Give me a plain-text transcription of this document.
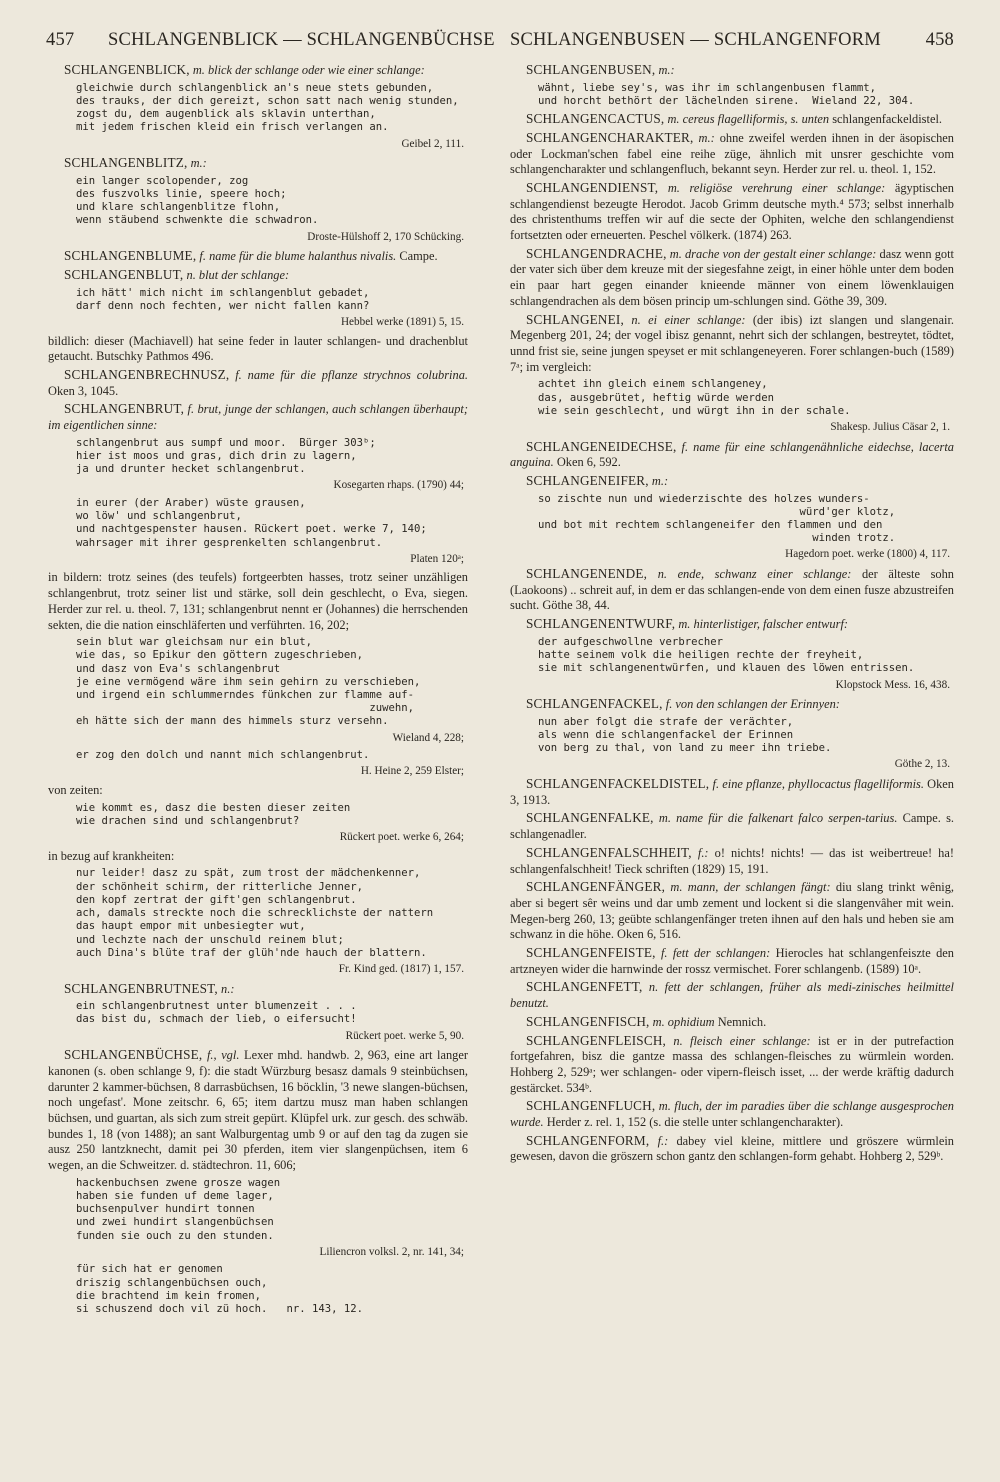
457 SCHLANGENBLICK — SCHLANGENBÜCHSE SCHLANGENBUSEN — SCHLANGENFORM 458
SCHLANGENBLICK, m. blick der schlange oder wie einer schlange:
gleichwie durch schlangenblick an's neue stets gebunden,
des trauks, der dich gereizt, schon satt nach wenig stunden,
zogst du, dem augenblick als sklavin unterthan,
mit jedem frischen kleid ein frisch verlangen an.
Geibel 2, 111.
SCHLANGENBLITZ, m.:
ein langer scolopender, zog
des fuszvolks linie, speere hoch;
und klare schlangenblitze flohn,
wenn stäubend schwenkte die schwadron.
Droste-Hülshoff 2, 170 Schücking.
SCHLANGENBLUME, f. name für die blume halanthus nivalis. Campe.
SCHLANGENBLUT, n. blut der schlange:
ich hätt' mich nicht im schlangenblut gebadet,
darf denn noch fechten, wer nicht fallen kann?
Hebbel werke (1891) 5, 15.
bildlich: dieser (Machiavell) hat seine feder in lauter schlangen- und drachenblut getaucht. Butschky Pathmos 496.
SCHLANGENBRECHNUSZ, f. name für die pflanze strychnos colubrina. Oken 3, 1045.
SCHLANGENBRUT, f. brut, junge der schlangen, auch schlangen überhaupt; im eigentlichen sinne:
schlangenbrut aus sumpf und moor.  Bürger 303ᵇ;
hier ist moos und gras, dich drin zu lagern,
ja und drunter hecket schlangenbrut.
Kosegarten rhaps. (1790) 44;
in eurer (der Araber) wüste grausen,
wo löw' und schlangenbrut,
und nachtgespenster hausen. Rückert poet. werke 7, 140;
wahrsager mit ihrer gesprenkelten schlangenbrut.
Platen 120ᵃ;
in bildern: trotz seines (des teufels) fortgeerbten hasses, trotz seiner unzähligen schlangenbrut, trotz seiner list und stärke, soll dein geschlecht, o Eva, siegen. Herder zur rel. u. theol. 7, 131; schlangenbrut nennt er (Johannes) die herrschenden sekten, die die nation einschläferten und verführten. 16, 202;
sein blut war gleichsam nur ein blut,
wie das, so Epikur den göttern zugeschrieben,
und dasz von Eva's schlangenbrut
je eine vermögend wäre ihm sein gehirn zu verschieben,
und irgend ein schlummerndes fünkchen zur flamme auf-
zuwehn,
eh hätte sich der mann des himmels sturz versehn.
Wieland 4, 228;
er zog den dolch und nannt mich schlangenbrut.
H. Heine 2, 259 Elster;
von zeiten:
wie kommt es, dasz die besten dieser zeiten
wie drachen sind und schlangenbrut?
Rückert poet. werke 6, 264;
in bezug auf krankheiten:
nur leider! dasz zu spät, zum trost der mädchenkenner,
der schönheit schirm, der ritterliche Jenner,
den kopf zertrat der gift'gen schlangenbrut.
ach, damals streckte noch die schrecklichste der nattern
das haupt empor mit unbesiegter wut,
und lechzte nach der unschuld reinem blut;
auch Dina's blüte traf der glüh'nde hauch der blattern.
Fr. Kind ged. (1817) 1, 157.
SCHLANGENBRUTNEST, n.:
ein schlangenbrutnest unter blumenzeit . . .
das bist du, schmach der lieb, o eifersucht!
Rückert poet. werke 5, 90.
SCHLANGENBÜCHSE, f., vgl. Lexer mhd. handwb. 2, 963, eine art langer kanonen (s. oben schlange 9, f): die stadt Würzburg besasz damals 9 steinbüchsen, darunter 2 kammer-büchsen, 8 darrasbüchsen, 16 böcklin, '3 newe slangen-büchsen, noch ungefast'. Mone zeitschr. 6, 65; item dartzu musz man haben schlangen büchsen, und guartan, als sich zum streit gepürt. Klüpfel urk. zur gesch. des schwäb. bundes 1, 18 (von 1488); an sant Walburgentag umb 9 or auf den tag da zugen sie ausz 250 lantzknecht, damit pei 30 pferden, item vier slangenpüchsen, item 6 wegen, an die Schweitzer. d. städtechron. 11, 606;
hackenbuchsen zwene grosze wagen
haben sie funden uf deme lager,
buchsenpulver hundirt tonnen
und zwei hundirt slangenbüchsen
funden sie ouch zu den stunden.
Liliencron volksl. 2, nr. 141, 34;
für sich hat er genomen
driszig schlangenbüchsen ouch,
die brachtend im kein fromen,
si schuszend doch vil zü hoch.   nr. 143, 12.
SCHLANGENBUSEN, m.:
wähnt, liebe sey's, was ihr im schlangenbusen flammt,
und horcht bethört der lächelnden sirene.  Wieland 22, 304.
SCHLANGENCACTUS, m. cereus flagelliformis, s. unten schlangenfackeldistel.
SCHLANGENCHARAKTER, m.: ohne zweifel werden ihnen in der äsopischen oder Lockman'schen fabel eine reihe züge, ähnlich mit unsrer geschichte vom schlangencharakter und schlangenfluch, bekannt seyn. Herder zur rel. u. theol. 1, 152.
SCHLANGENDIENST, m. religiöse verehrung einer schlange: ägyptischen schlangendienst bezeugte Herodot. Jacob Grimm deutsche myth.⁴ 573; selbst innerhalb des christenthums treffen wir auf die secte der Ophiten, welche den schlangendienst fortsetzten oder erneuerten. Peschel völkerk. (1874) 263.
SCHLANGENDRACHE, m. drache von der gestalt einer schlange: dasz wenn gott der vater sich über dem kreuze mit der siegesfahne zeigt, in einer höhle unter dem boden ein paar hart gegen einander knieende männer von einem löwenklauigen schlangendrachen als dem bösen princip um-schlungen sind. Göthe 39, 309.
SCHLANGENEI, n. ei einer schlange: (der ibis) izt slangen und slangenair. Megenberg 201, 24; der vogel ibisz genannt, nehrt sich der schlangen, bestreytet, tödtet, unnd frist sie, seine jungen speyset er mit schlangeneyeren. Forer schlangen-buch (1589) 7ᵃ; im vergleich:
achtet ihn gleich einem schlangeney,
das, ausgebrütet, heftig würde werden
wie sein geschlecht, und würgt ihn in der schale.
Shakesp. Julius Cäsar 2, 1.
SCHLANGENEIDECHSE, f. name für eine schlangenähnliche eidechse, lacerta anguina. Oken 6, 592.
SCHLANGENEIFER, m.:
so zischte nun und wiederzischte des holzes wunders-
würd'ger klotz,
und bot mit rechtem schlangeneifer den flammen und den
winden trotz.
Hagedorn poet. werke (1800) 4, 117.
SCHLANGENENDE, n. ende, schwanz einer schlange: der älteste sohn (Laokoons) .. schreit auf, in dem er das schlangen-ende von dem einen fusze abzustreifen sucht. Göthe 38, 44.
SCHLANGENENTWURF, m. hinterlistiger, falscher entwurf:
der aufgeschwollne verbrecher
hatte seinem volk die heiligen rechte der freyheit,
sie mit schlangenentwürfen, und klauen des löwen entrissen.
Klopstock Mess. 16, 438.
SCHLANGENFACKEL, f. von den schlangen der Erinnyen:
nun aber folgt die strafe der verächter,
als wenn die schlangenfackel der Erinnen
von berg zu thal, von land zu meer ihn triebe.
Göthe 2, 13.
SCHLANGENFACKELDISTEL, f. eine pflanze, phyllocactus flagelliformis. Oken 3, 1913.
SCHLANGENFALKE, m. name für die falkenart falco serpen-tarius. Campe. s. schlangenadler.
SCHLANGENFALSCHHEIT, f.: o! nichts! nichts! — das ist weibertreue! ha! schlangenfalschheit! Tieck schriften (1829) 15, 191.
SCHLANGENFÄNGER, m. mann, der schlangen fängt: diu slang trinkt wênig, aber si begert sêr weins und dar umb zement und lockent si die slangenvâher mit wein. Megen-berg 260, 13; geübte schlangenfänger treten ihnen auf den hals und heben sie am schwanz in die höhe. Oken 6, 516.
SCHLANGENFEISTE, f. fett der schlangen: Hierocles hat schlangenfeiszte den artzneyen wider die harnwinde der rossz vermischet. Forer schlangenb. (1589) 10ᵃ.
SCHLANGENFETT, n. fett der schlangen, früher als medi-zinisches heilmittel benutzt.
SCHLANGENFISCH, m. ophidium Nemnich.
SCHLANGENFLEISCH, n. fleisch einer schlange: ist er in der putrefaction fortgefahren, bisz die gantze massa des schlangen-fleisches zu würmlein worden. Hohberg 2, 529ᵃ; wer schlangen- oder vipern-fleisch isset, ... der werde kräftig dadurch gestärcket. 534ᵇ.
SCHLANGENFLUCH, m. fluch, der im paradies über die schlange ausgesprochen wurde. Herder z. rel. 1, 152 (s. die stelle unter schlangencharakter).
SCHLANGENFORM, f.: dabey viel kleine, mittlere und gröszere würmlein gewesen, davon die gröszern schon gantz den schlangen-form gehabt. Hohberg 2, 529ᵇ.
